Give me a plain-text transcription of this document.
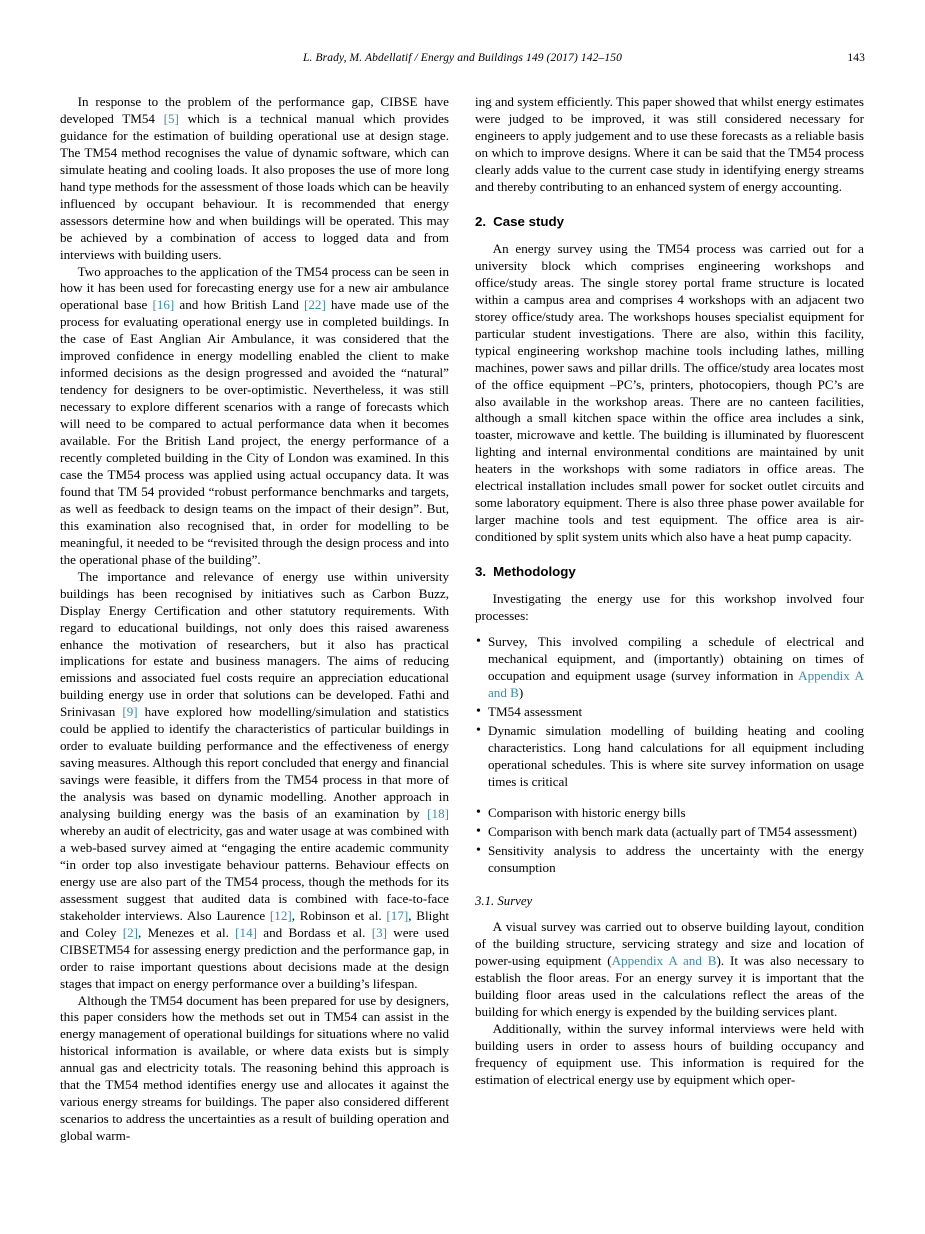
L. Brady, M. Abdellatif / Energy and Buildings 149 (2017) 142–150	143

In response to the problem of the performance gap, CIBSE have developed TM54 [5] which is a technical manual which provides guidance for the estimation of building operational use at design stage. The TM54 method recognises the value of dynamic software, which can simulate heating and cooling loads. It also proposes the use of more long hand type methods for the assessment of those loads which can be heavily influenced by occupant behaviour. It is recommended that energy assessors determine how and when buildings will be operated. This may be achieved by a combination of access to logged data and from interviews with building users.

Two approaches to the application of the TM54 process can be seen in how it has been used for forecasting energy use for a new air ambulance operational base [16] and how British Land [22] have made use of the process for evaluating operational energy use in completed buildings. In the case of East Anglian Air Ambulance, it was considered that the improved confidence in energy modelling enabled the client to make informed decisions as the design progressed and avoided the “natural” tendency for designers to be over-optimistic. Nevertheless, it was still necessary to explore different scenarios with a range of forecasts which will need to be compared to actual performance data when it becomes available. For the British Land project, the energy performance of a recently completed building in the City of London was examined. In this case the TM54 process was applied using actual occupancy data. It was found that TM 54 provided “robust performance benchmarks and targets, as well as feedback to design teams on the impact of their design”. But, this examination also recognised that, in order for modelling to be meaningful, it needed to be “revisited through the design process and into the operational phase of the building”.

The importance and relevance of energy use within university buildings has been recognised by initiatives such as Carbon Buzz, Display Energy Certification and other statutory requirements. With regard to educational buildings, not only does this raised awareness enhance the motivation of researchers, but it also has practical implications for estate and business managers. The aims of reducing emissions and associated fuel costs require an appreciation educational building energy use in order that solutions can be developed. Fathi and Srinivasan [9] have explored how modelling/simulation and statistics could be applied to identify the characteristics of particular buildings in order to evaluate building performance and the effectiveness of energy saving measures. Although this report concluded that energy and financial savings were feasible, it differs from the TM54 process in that more of the analysis was based on dynamic modelling. Another approach in analysing building energy was the basis of an examination by [18] whereby an audit of electricity, gas and water usage at was combined with a web-based survey aimed at “engaging the entire academic community “in order top also investigate behaviour patterns. Behaviour effects on energy use are also part of the TM54 process, though the methods for its assessment suggest that audited data is combined with face-to-face stakeholder interviews. Also Laurence [12], Robinson et al. [17], Blight and Coley [2], Menezes et al. [14] and Bordass et al. [3] were used CIBSETM54 for assessing energy prediction and the performance gap, in order to raise important questions about decisions made at the design stages that impact on energy performance over a building’s lifespan.

Although the TM54 document has been prepared for use by designers, this paper considers how the methods set out in TM54 can assist in the energy management of operational buildings for situations where no valid historical information is available, or where data exists but is simply annual gas and electricity totals. The reasoning behind this approach is that the TM54 method identifies energy use and allocates it against the various energy streams for buildings. The paper also considered different scenarios to address the uncertainties as a result of building operation and global warm-

ing and system efficiently. This paper showed that whilst energy estimates were judged to be improved, it was still considered necessary for engineers to apply judgement and to use these forecasts as a reliable basis on which to improve designs. Where it can be said that the TM54 process clearly adds value to the current case study in identifying energy streams and thereby contributing to an enhanced system of energy accounting.

2. Case study

An energy survey using the TM54 process was carried out for a university block which comprises engineering workshops and office/study areas. The single storey portal frame structure is located within a campus area and comprises 4 workshops with an adjacent two storey office/study area. The workshops houses specialist equipment for particular student investigations. There are also, within this facility, typical engineering workshop machine tools including lathes, milling machines, power saws and pillar drills. The office/study area locates most of the office equipment –PC’s, printers, photocopiers, though PC’s are also available in the workshop areas. There are no canteen facilities, although a small kitchen space within the office area includes a sink, toaster, microwave and kettle. The building is illuminated by fluorescent lighting and internal environmental conditions are maintained by unit heaters in the workshops with some radiators in office areas. The electrical installation includes small power for socket outlet circuits and some laboratory equipment. There is also three phase power available for larger machine tools and test equipment. The office area is air-conditioned by split system units which also have a heat pump capacity.

3. Methodology

Investigating the energy use for this workshop involved four processes:

• Survey, This involved compiling a schedule of electrical and mechanical equipment, and (importantly) obtaining on times of occupation and equipment usage (survey information in Appendix A and B)
• TM54 assessment
• Dynamic simulation modelling of building heating and cooling characteristics. Long hand calculations for all equipment including operational schedules. This is where site survey information on usage times is critical
• Comparison with historic energy bills
• Comparison with bench mark data (actually part of TM54 assessment)
• Sensitivity analysis to address the uncertainty with the energy consumption
3.1. Survey

A visual survey was carried out to observe building layout, condition of the building structure, servicing strategy and size and location of power-using equipment (Appendix A and B). It was also necessary to establish the floor areas. For an energy survey it is important that the building floor areas used in the calculations reflect the areas of the building for which energy is expended by the building services plant.

Additionally, within the survey informal interviews were held with building users in order to assess hours of building occupancy and frequency of equipment use. This information is required for the estimation of electrical energy use by equipment which oper-
